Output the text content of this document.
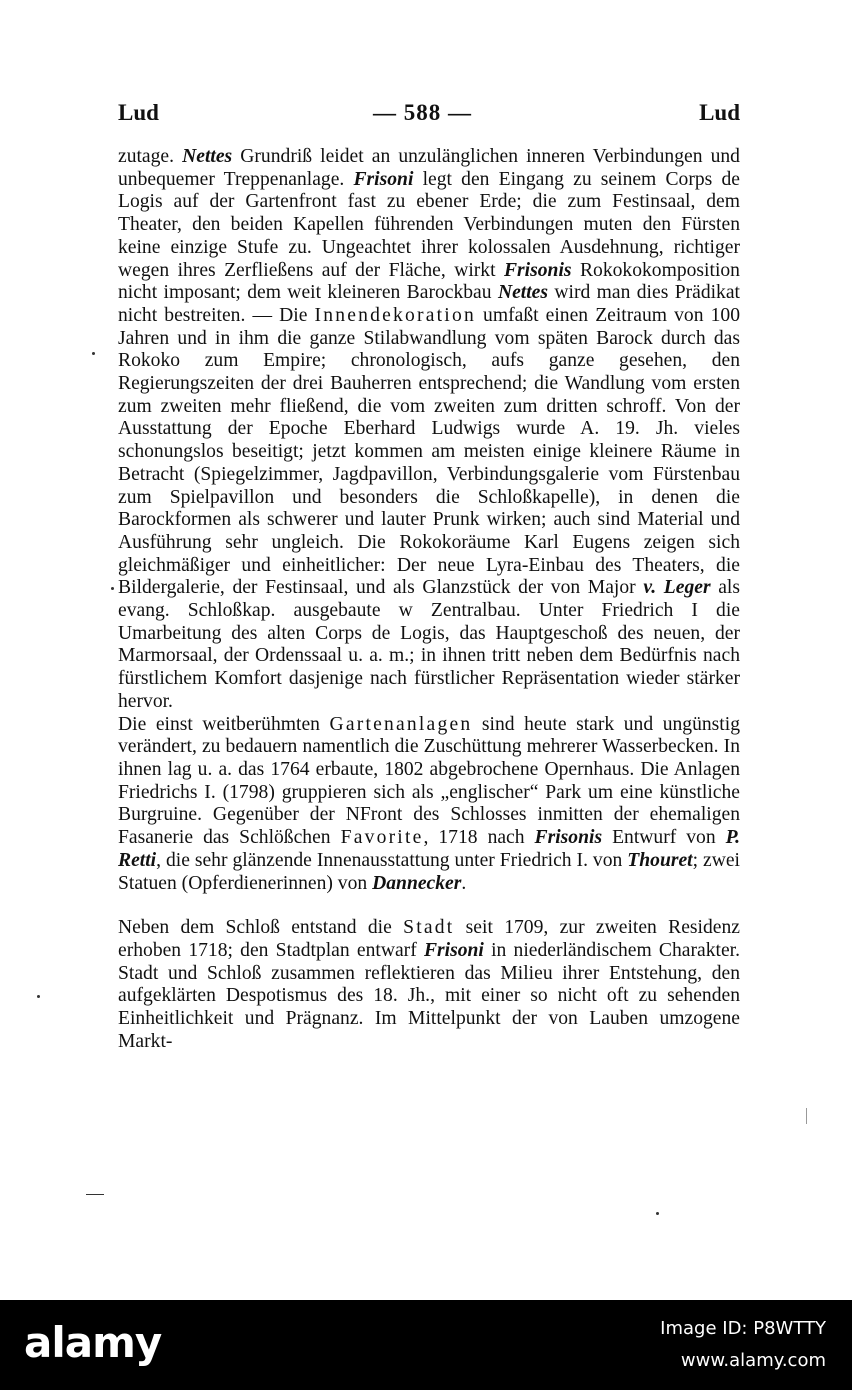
Lud	— 588 —	Lud

zutage. Nettes Grundriß leidet an unzulänglichen inneren Verbindungen und unbequemer Treppenanlage. Frisoni legt den Eingang zu seinem Corps de Logis auf der Gartenfront fast zu ebener Erde; die zum Festinsaal, dem Theater, den beiden Kapellen führenden Verbindungen muten den Fürsten keine einzige Stufe zu. Ungeachtet ihrer kolossalen Ausdehnung, richtiger wegen ihres Zerfließens auf der Fläche, wirkt Frisonis Rokokokomposition nicht imposant; dem weit kleineren Barockbau Nettes wird man dies Prädikat nicht bestreiten. — Die Innendekoration umfaßt einen Zeitraum von 100 Jahren und in ihm die ganze Stilabwandlung vom späten Barock durch das Rokoko zum Empire; chronologisch, aufs ganze gesehen, den Regierungszeiten der drei Bauherren entsprechend; die Wandlung vom ersten zum zweiten mehr fließend, die vom zweiten zum dritten schroff. Von der Ausstattung der Epoche Eberhard Ludwigs wurde A. 19. Jh. vieles schonungslos beseitigt; jetzt kommen am meisten einige kleinere Räume in Betracht (Spiegelzimmer, Jagdpavillon, Verbindungsgalerie vom Fürstenbau zum Spielpavillon und besonders die Schloßkapelle), in denen die Barockformen als schwerer und lauter Prunk wirken; auch sind Material und Ausführung sehr ungleich. Die Rokokoräume Karl Eugens zeigen sich gleichmäßiger und einheitlicher: Der neue Lyra-Einbau des Theaters, die Bildergalerie, der Festinsaal, und als Glanzstück der von Major v. Leger als evang. Schloßkap. ausgebaute w Zentralbau. Unter Friedrich I die Umarbeitung des alten Corps de Logis, das Hauptgeschoß des neuen, der Marmorsaal, der Ordenssaal u. a. m.; in ihnen tritt neben dem Bedürfnis nach fürstlichem Komfort dasjenige nach fürstlicher Repräsentation wieder stärker hervor.

Die einst weitberühmten Gartenanlagen sind heute stark und ungünstig verändert, zu bedauern namentlich die Zuschüttung mehrerer Wasserbecken. In ihnen lag u. a. das 1764 erbaute, 1802 abgebrochene Opernhaus. Die Anlagen Friedrichs I. (1798) gruppieren sich als „englischer“ Park um eine künstliche Burgruine. Gegenüber der NFront des Schlosses inmitten der ehemaligen Fasanerie das Schlößchen Favorite, 1718 nach Frisonis Entwurf von P. Retti, die sehr glänzende Innenausstattung unter Friedrich I. von Thouret; zwei Statuen (Opferdienerinnen) von Dannecker.

Neben dem Schloß entstand die Stadt seit 1709, zur zweiten Residenz erhoben 1718; den Stadtplan entwarf Frisoni in niederländischem Charakter. Stadt und Schloß zusammen reflektieren das Milieu ihrer Entstehung, den aufgeklärten Despotismus des 18. Jh., mit einer so nicht oft zu sehenden Einheitlichkeit und Prägnanz. Im Mittelpunkt der von Lauben umzogene Markt-

alamy	Image ID: P8WTTY
www.alamy.com
